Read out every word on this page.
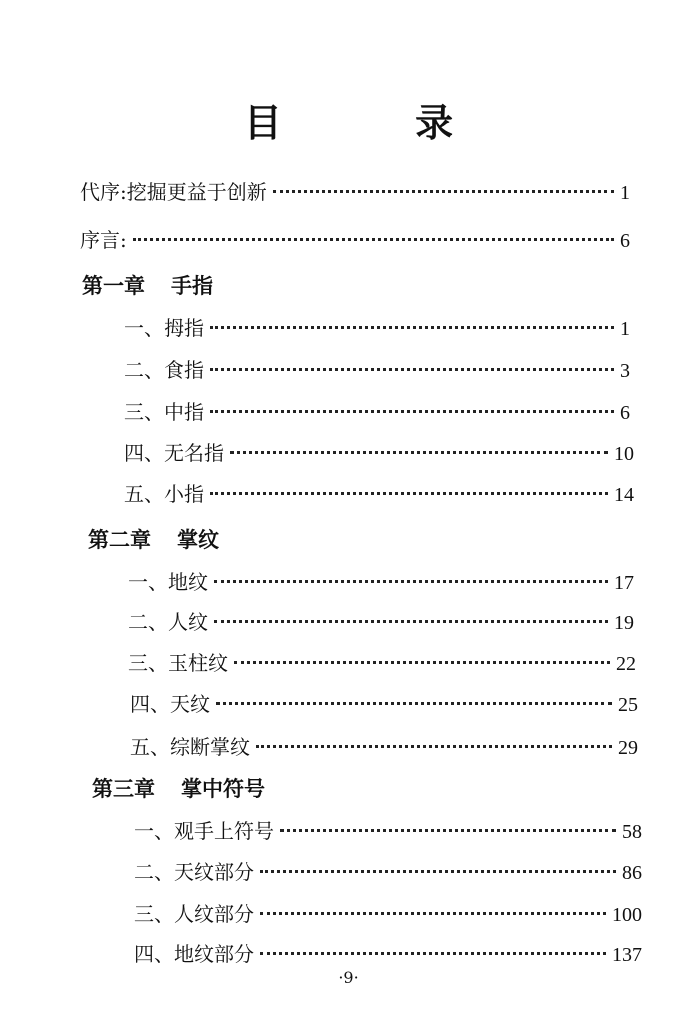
目 录
代序:挖掘更益于创新	1
序言:	6
第一章 手指
一、拇指	1
二、食指	3
三、中指	6
四、无名指	10
五、小指	14
第二章 掌纹
一、地纹	17
二、人纹	19
三、玉柱纹	22
四、天纹	25
五、综断掌纹	29
第三章 掌中符号
一、观手上符号	58
二、天纹部分	86
三、人纹部分	100
四、地纹部分	137
·9·
